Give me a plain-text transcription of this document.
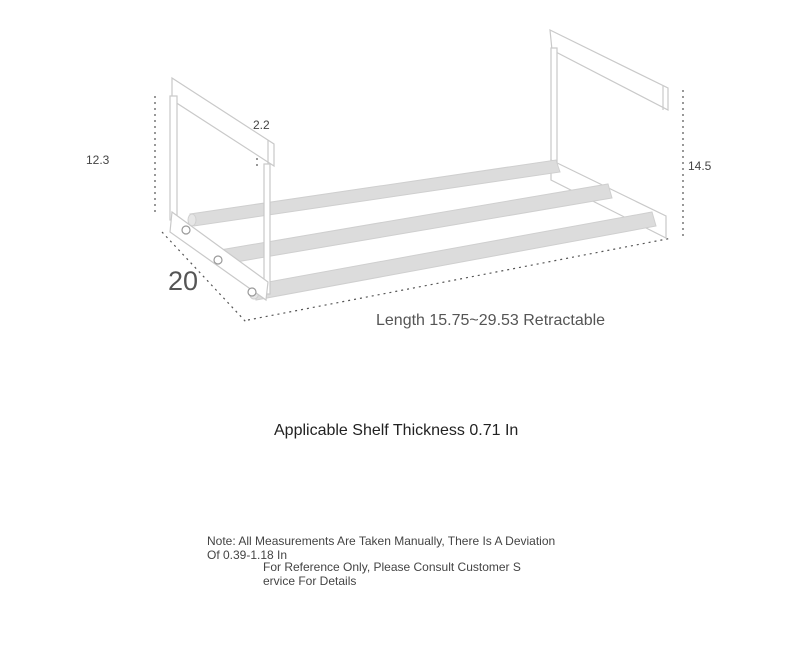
12.3
2.2
14.5
20
Length 15.75~29.53 Retractable
Applicable Shelf Thickness 0.71 In
Note: All Measurements Are Taken Manually, There Is A Deviation
Of 0.39-1.18 In
For Reference Only, Please Consult Customer S
ervice For Details
